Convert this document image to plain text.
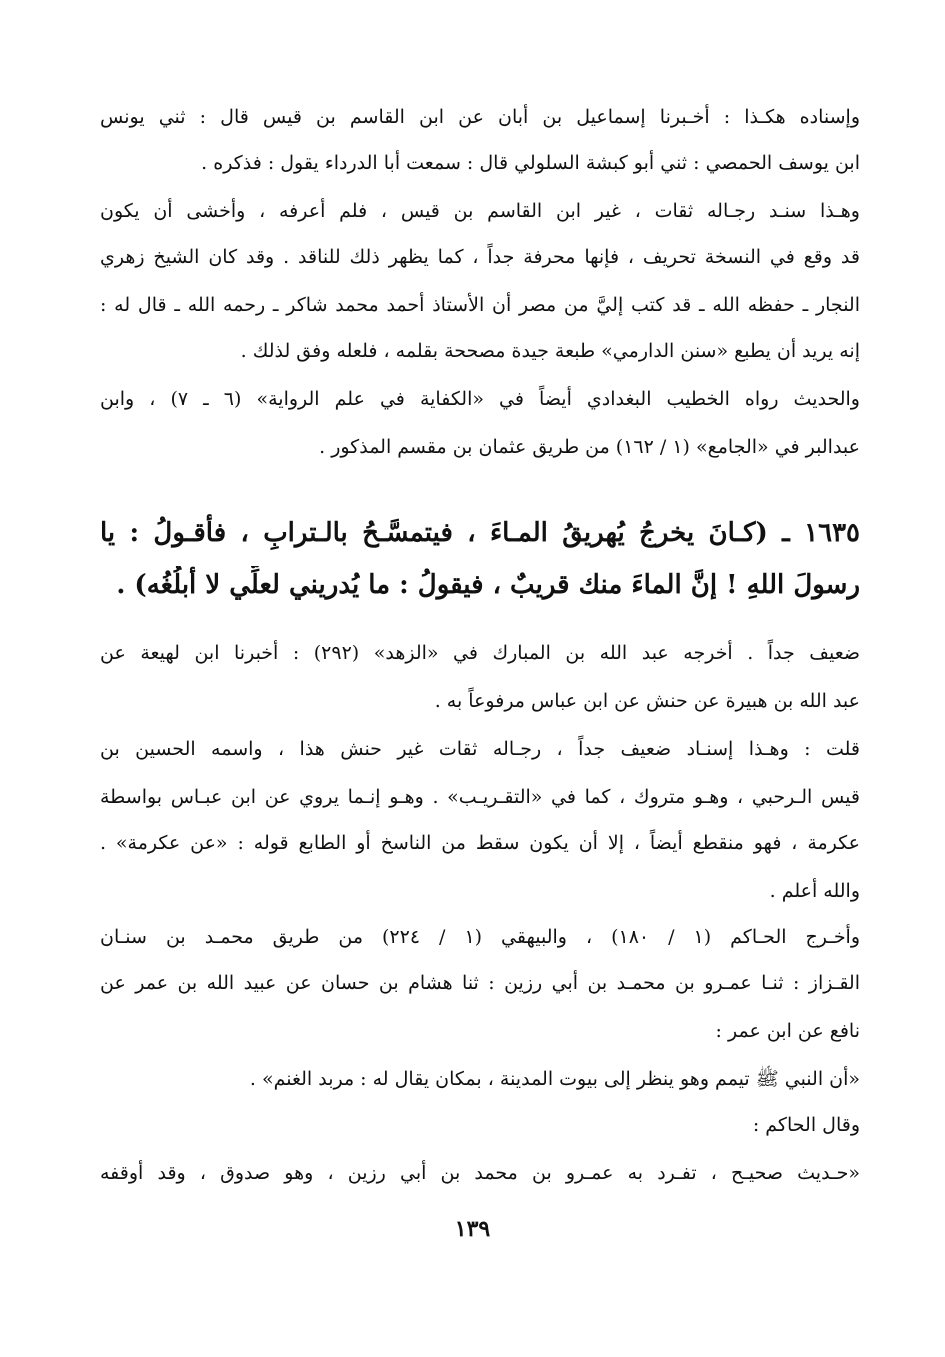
وإسناده هكـذا : أخـبرنا إسماعيل بن أبان عن ابن القاسم بن قيس قال : ثني يونس
ابن يوسف الحمصي : ثني أبو كبشة السلولي قال : سمعت أبا الدرداء يقول : فذكره .
وهـذا سنـد رجـاله ثقات ، غير ابن القاسم بن قيس ، فلم أعرفه ، وأخشى أن يكون
قد وقع في النسخة تحريف ، فإنها محرفة جداً ، كما يظهر ذلك للناقد . وقد كان الشيخ زهري
النجار ـ حفظه الله ـ قد كتب إليَّ من مصر أن الأستاذ أحمد محمد شاكر ـ رحمه الله ـ قال له :
إنه يريد أن يطبع «سنن الدارمي» طبعة جيدة مصححة بقلمه ، فلعله وفق لذلك .
والحديث رواه الخطيب البغدادي أيضاً في «الكفاية في علم الرواية» (٦ ـ ٧) ، وابن
عبدالبر في «الجامع» (١ / ١٦٢) من طريق عثمان بن مقسم المذكور .
١٦٣٥ ـ (كـانَ يخرجُ يُهريقُ المـاءَ ، فيتمسَّـحُ بالـترابِ ، فأقـولُ : يا
رسولَ اللهِ ! إنَّ الماءَ منك قريبٌ ، فيقولُ : ما يُدريني لعلِّي لا أبلُغُه) .
ضعيف جداً . أخرجه عبد الله بن المبارك في «الزهد» (٢٩٢) : أخبرنا ابن لهيعة عن
عبد الله بن هبيرة عن حنش عن ابن عباس مرفوعاً به .
قلت : وهـذا إسنـاد ضعيف جداً ، رجـاله ثقات غير حنش هذا ، واسمه الحسين بن
قيس الـرحبي ، وهـو متروك ، كما في «التقـريـب» . وهـو إنـما يروي عن ابن عبـاس بواسطة
عكرمة ، فهو منقطع أيضاً ، إلا أن يكون سقط من الناسخ أو الطابع قوله : «عن عكرمة» .
والله أعلم .
وأخـرج الحـاكم (١ / ١٨٠) ، والبيهقي (١ / ٢٢٤) من طريق محمـد بن سنـان
القـزاز : ثنـا عمـرو بن محمـد بن أبي رزين : ثنا هشام بن حسان عن عبيد الله بن عمر عن
نافع عن ابن عمر :
«أن النبي ﷺ تيمم وهو ينظر إلى بيوت المدينة ، بمكان يقال له : مربد الغنم» .
وقال الحاكم :
«حـديث صحيـح ، تفـرد به عمـرو بن محمد بن أبي رزين ، وهو صدوق ، وقد أوقفه
١٣٩
